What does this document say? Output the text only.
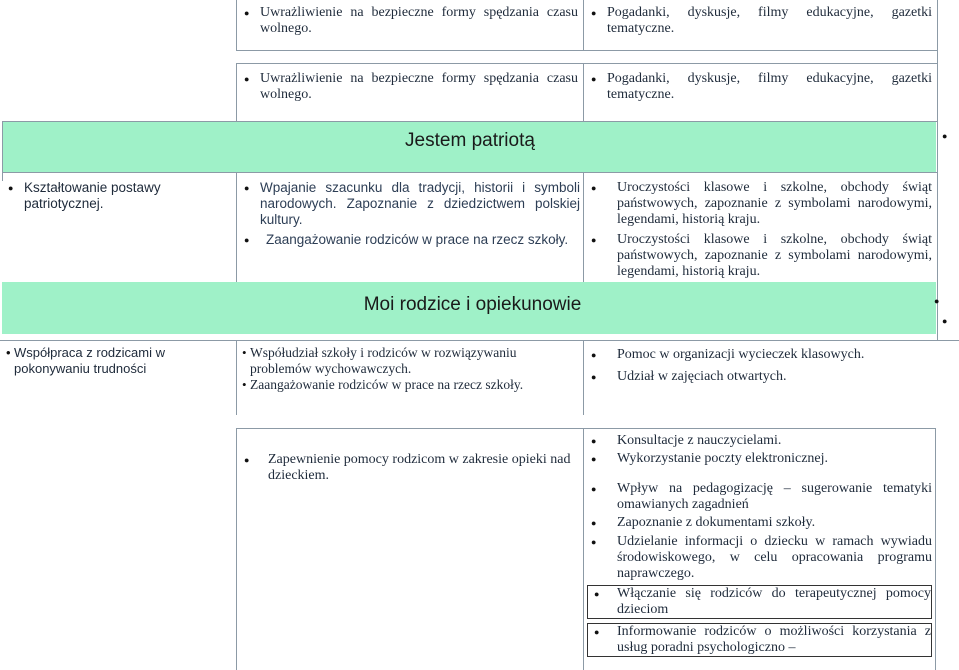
● Uwrażliwienie na bezpieczne formy spędzania czasu wolnego.
● Pogadanki, dyskusje, filmy edukacyjne, gazetki tematyczne.
● Uwrażliwienie na bezpieczne formy spędzania czasu wolnego.
● Pogadanki, dyskusje, filmy edukacyjne, gazetki tematyczne.
Jestem patriotą	●
● Kształtowanie postawy patriotycznej.
● Wpajanie szacunku dla tradycji, historii i symboli narodowych. Zapoznanie z dziedzictwem polskiej kultury.
● Zaangażowanie rodziców w prace na rzecz szkoły.
● Uroczystości klasowe i szkolne, obchody świąt państwowych, zapoznanie z symbolami narodowymi, legendami, historią kraju.
● Uroczystości klasowe i szkolne, obchody świąt państwowych, zapoznanie z symbolami narodowymi, legendami, historią kraju.
Moi rodzice i opiekunowie	●
●
• Współpraca z rodzicami w pokonywaniu trudności
• Współudział szkoły i rodziców w rozwiązywaniu problemów wychowawczych.
• Zaangażowanie rodziców w prace na rzecz szkoły.
● Pomoc w organizacji wycieczek klasowych.
● Udział w zajęciach otwartych.
● Zapewnienie pomocy rodzicom w zakresie opieki nad dzieckiem.
● Konsultacje z nauczycielami.
● Wykorzystanie poczty elektronicznej.
● Wpływ na pedagogizację – sugerowanie tematyki omawianych zagadnień
● Zapoznanie z dokumentami szkoły.
● Udzielanie informacji o dziecku w ramach wywiadu środowiskowego, w celu opracowania programu naprawczego.
● Włączanie się rodziców do terapeutycznej pomocy dzieciom
● Informowanie rodziców o możliwości korzystania z usług poradni psychologiczno –
